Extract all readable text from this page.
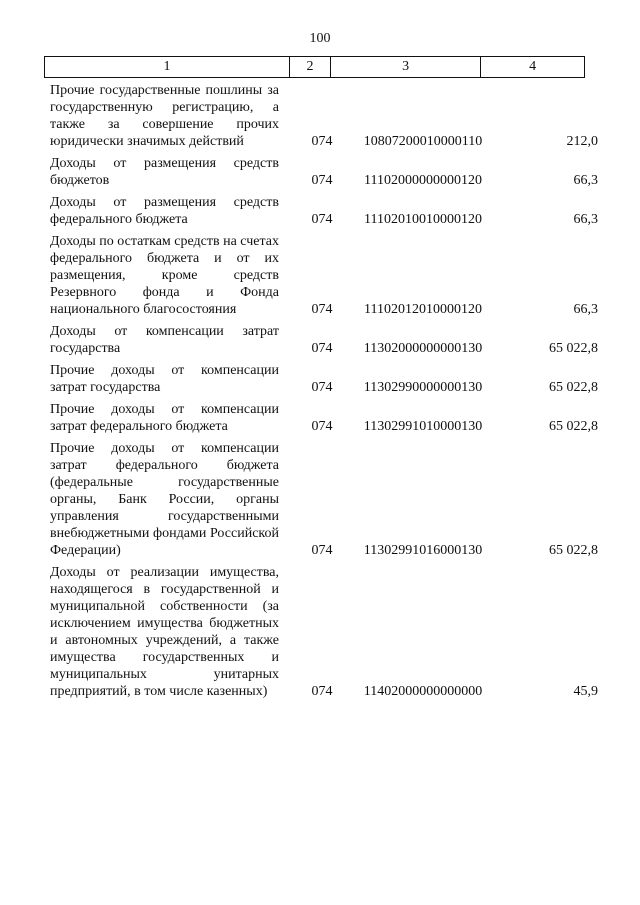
100
1	2	3	4
Прочие государственные пошлины за государственную регистрацию, а также за совершение прочих юридически значимых действий	074	10807200010000110	212,0
Доходы от размещения средств бюджетов	074	11102000000000120	66,3
Доходы от размещения средств федерального бюджета	074	11102010010000120	66,3
Доходы по остаткам средств на счетах федерального бюджета и от их размещения, кроме средств Резервного фонда и Фонда национального благосостояния	074	11102012010000120	66,3
Доходы от компенсации затрат государства	074	11302000000000130	65 022,8
Прочие доходы от компенсации затрат государства	074	11302990000000130	65 022,8
Прочие доходы от компенсации затрат федерального бюджета	074	11302991010000130	65 022,8
Прочие доходы от компенсации затрат федерального бюджета (федеральные государственные органы, Банк России, органы управления государственными внебюджетными фондами Российской Федерации)	074	11302991016000130	65 022,8
Доходы от реализации имущества, находящегося в государственной и муниципальной собственности (за исключением имущества бюджетных и автономных учреждений, а также имущества государственных и муниципальных унитарных предприятий, в том числе казенных)	074	11402000000000000	45,9
